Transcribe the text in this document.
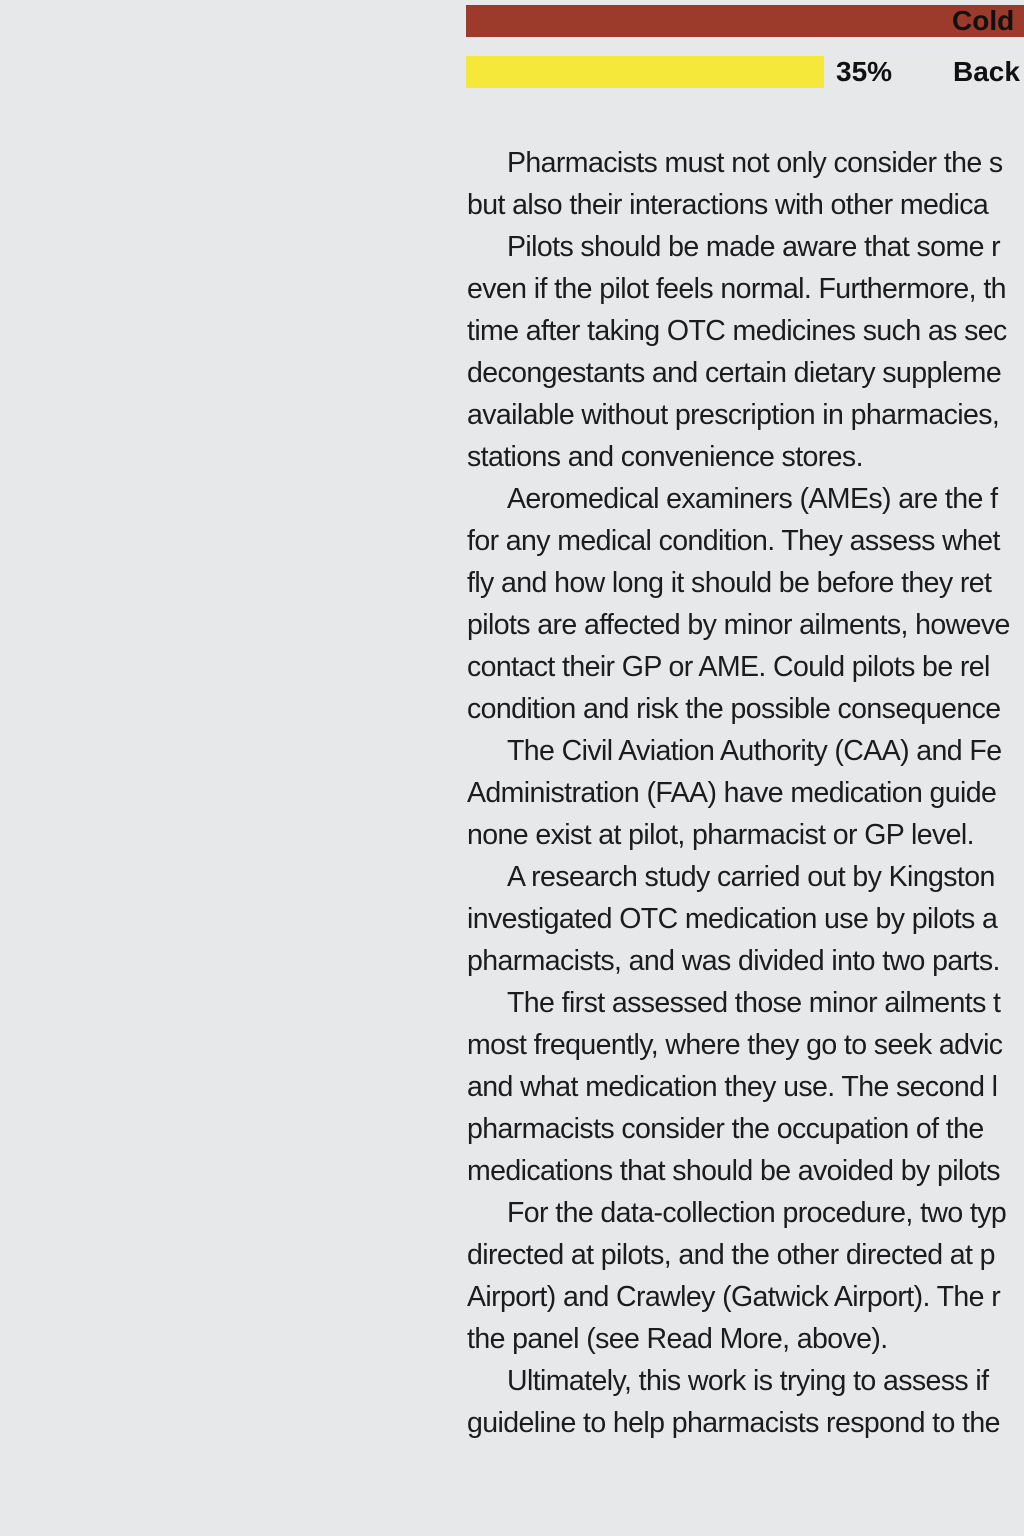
Cold
35% Back

Pharmacists must not only consider the s
but also their interactions with other medica

Pilots should be made aware that some r
even if the pilot feels normal. Furthermore, th
time after taking OTC medicines such as sec
decongestants and certain dietary suppleme
available without prescription in pharmacies,
stations and convenience stores.

Aeromedical examiners (AMEs) are the f
for any medical condition. They assess whet
fly and how long it should be before they ret
pilots are affected by minor ailments, howeve
contact their GP or AME. Could pilots be rel
condition and risk the possible consequence

The Civil Aviation Authority (CAA) and Fe
Administration (FAA) have medication guide
none exist at pilot, pharmacist or GP level.

A research study carried out by Kingston
investigated OTC medication use by pilots a
pharmacists, and was divided into two parts.

The first assessed those minor ailments t
most frequently, where they go to seek advic
and what medication they use. The second l
pharmacists consider the occupation of the
medications that should be avoided by pilots

For the data-collection procedure, two typ
directed at pilots, and the other directed at p
Airport) and Crawley (Gatwick Airport). The r
the panel (see Read More, above).

Ultimately, this work is trying to assess if
guideline to help pharmacists respond to the
